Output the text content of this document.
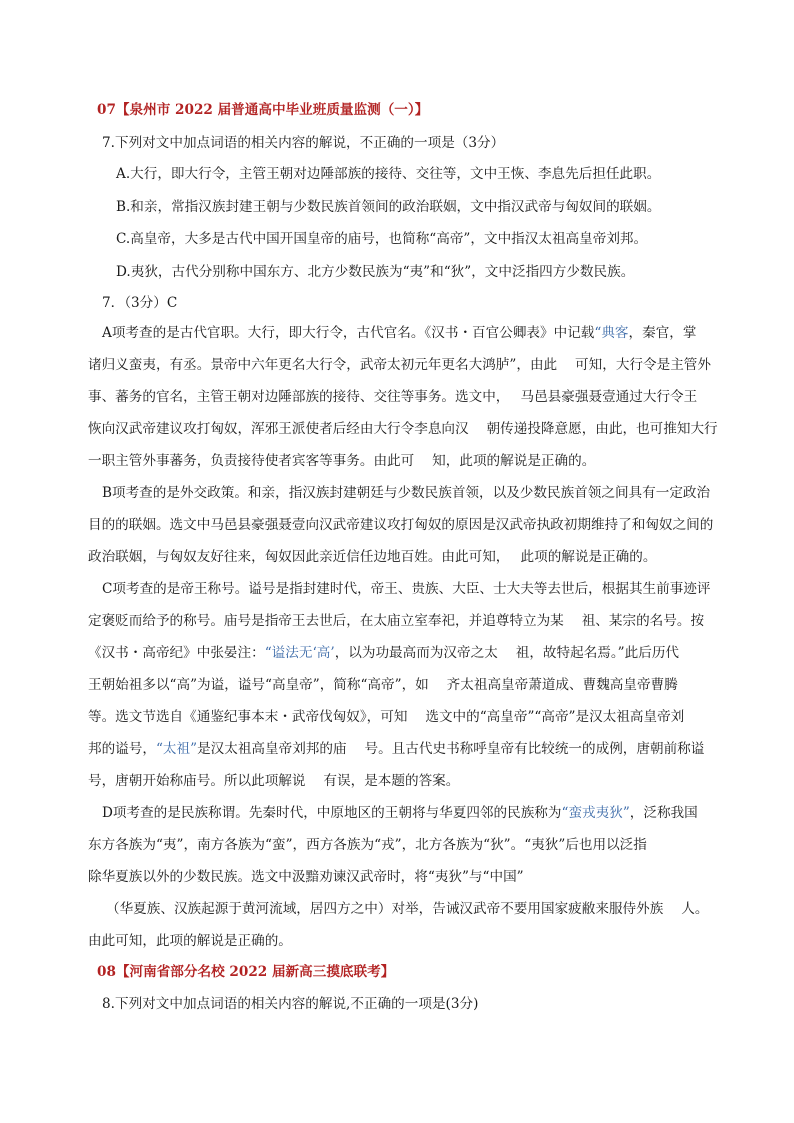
07【泉州市 2022 届普通高中毕业班质量监测（一）】
7.下列对文中加点词语的相关内容的解说，不正确的一项是（3分）
A.大行，即大行令，主管王朝对边陲部族的接待、交往等，文中王恢、李息先后担任此职。
B.和亲，常指汉族封建王朝与少数民族首领间的政治联姻，文中指汉武帝与匈奴间的联姻。
C.高皇帝，大多是古代中国开国皇帝的庙号，也简称“高帝”，文中指汉太祖高皇帝刘邦。
D.夷狄，古代分别称中国东方、北方少数民族为“夷”和“狄”，文中泛指四方少数民族。
7．（3分）C
A项考查的是古代官职。大行，即大行令，古代官名。《汉书・百官公卿表》中记载“典客，秦官，掌
诸归义蛮夷，有丞。景帝中六年更名大行令，武帝太初元年更名大鸿胪”，由此　 可知，大行令是主管外
事、蕃务的官名，主管王朝对边陲部族的接待、交往等事务。选文中，　 马邑县豪强聂壹通过大行令王
恢向汉武帝建议攻打匈奴，浑邪王派使者后经由大行令李息向汉　 朝传递投降意愿，由此，也可推知大行
一职主管外事蕃务，负责接待使者宾客等事务。由此可　 知，此项的解说是正确的。
B项考查的是外交政策。和亲，指汉族封建朝廷与少数民族首领，以及少数民族首领之间具有一定政治
目的的联姻。选文中马邑县豪强聂壹向汉武帝建议攻打匈奴的原因是汉武帝执政初期维持了和匈奴之间的
政治联姻，与匈奴友好往来，匈奴因此亲近信任边地百姓。由此可知，　 此项的解说是正确的。
C项考查的是帝王称号。谥号是指封建时代，帝王、贵族、大臣、士大夫等去世后，根据其生前事迹评
定褒贬而给予的称号。庙号是指帝王去世后，在太庙立室奉祀，并追尊特立为某　 祖、某宗的名号。按
《汉书・高帝纪》中张晏注：“谥法无‘高’，以为功最高而为汉帝之太　 祖，故特起名焉。”此后历代
王朝始祖多以“高”为谥，谥号“高皇帝”，简称“高帝”，如　 齐太祖高皇帝萧道成、曹魏高皇帝曹腾
等。选文节选自《通鉴纪事本末・武帝伐匈奴》，可知　 选文中的“高皇帝”“高帝”是汉太祖高皇帝刘
邦的谥号，“太祖”是汉太祖高皇帝刘邦的庙　 号。且古代史书称呼皇帝有比较统一的成例，唐朝前称谥
号，唐朝开始称庙号。所以此项解说　 有误，是本题的答案。
D项考查的是民族称谓。先秦时代，中原地区的王朝将与华夏四邻的民族称为“蛮戎夷狄”，泛称我国
东方各族为“夷”，南方各族为“蛮”，西方各族为“戎”，北方各族为“狄”。“夷狄”后也用以泛指
除华夏族以外的少数民族。选文中汲黯劝谏汉武帝时，将“夷狄”与“中国”
（华夏族、汉族起源于黄河流域，居四方之中）对举，告诫汉武帝不要用国家疲敝来服侍外族　 人。
由此可知，此项的解说是正确的。
08【河南省部分名校 2022 届新高三摸底联考】
8.下列对文中加点词语的相关内容的解说,不正确的一项是(3分)
